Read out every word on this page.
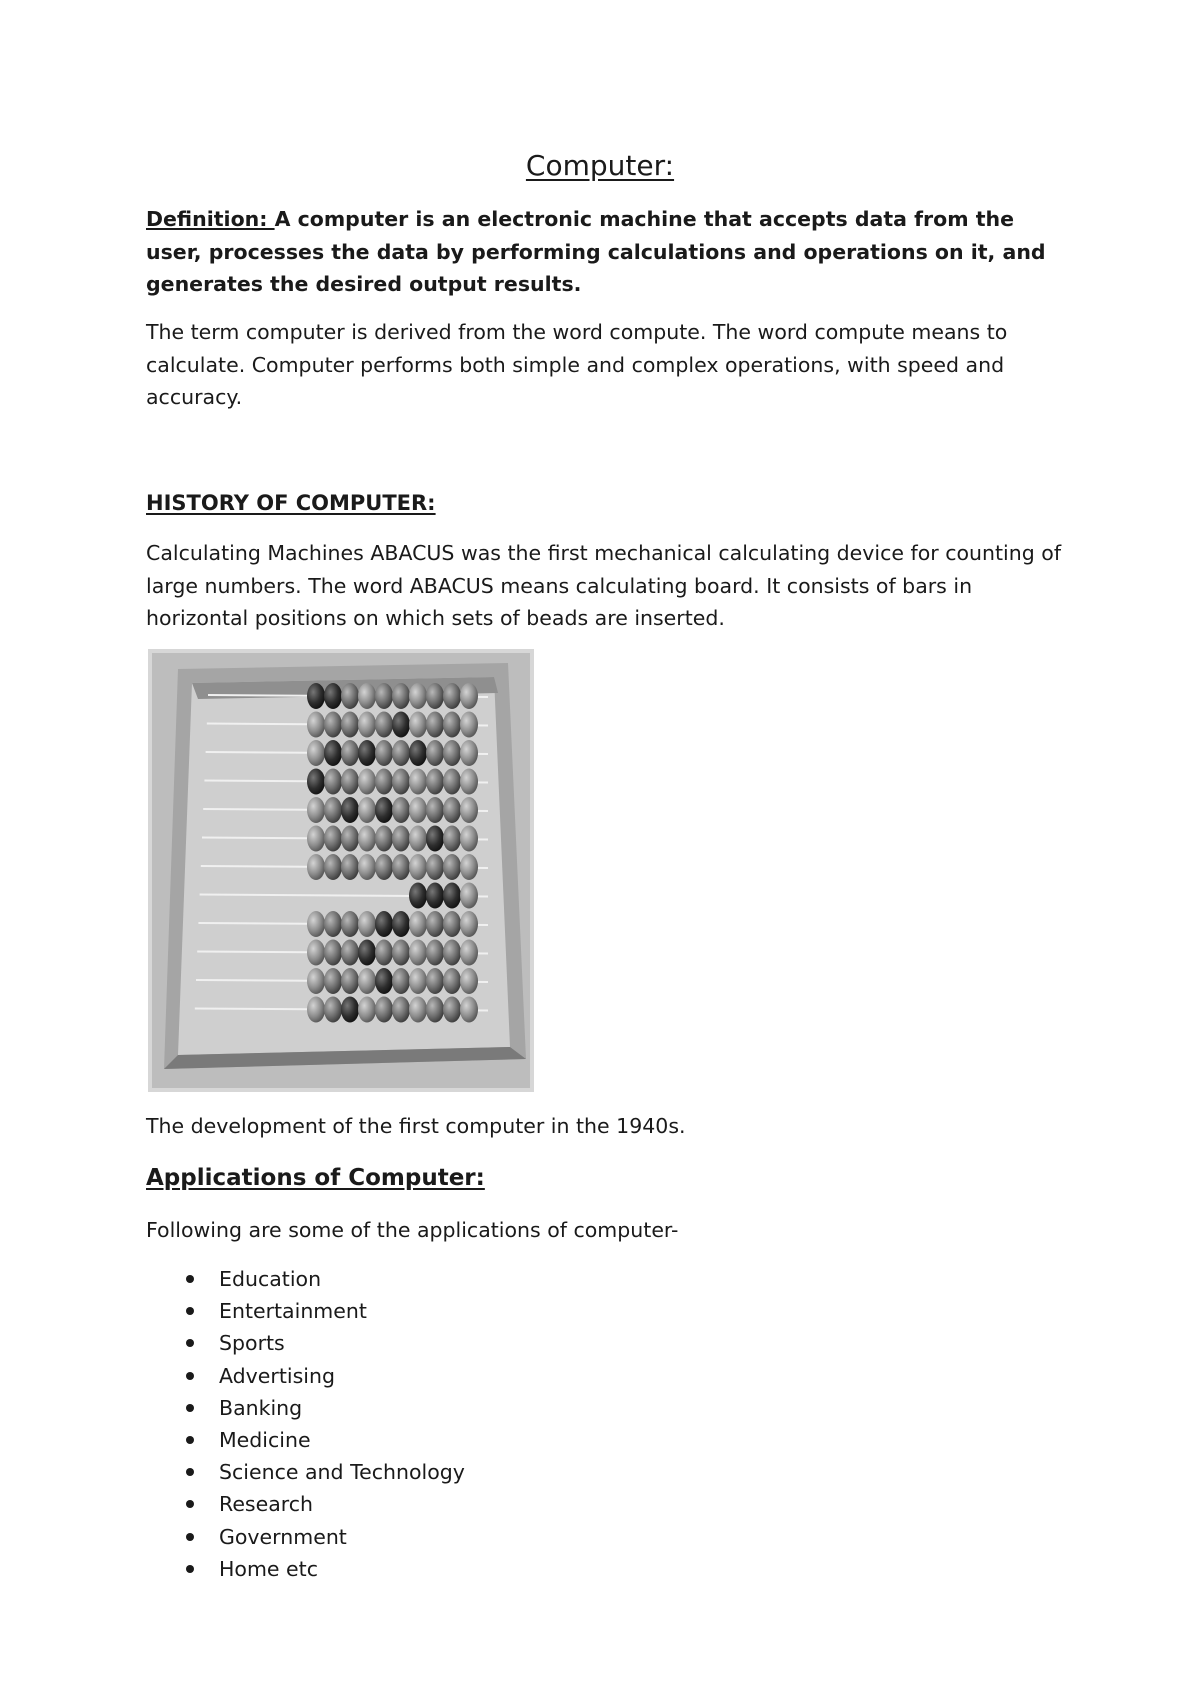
Computer:

Definition: A computer is an electronic machine that accepts data from the user, processes the data by performing calculations and operations on it, and generates the desired output results.

The term computer is derived from the word compute. The word compute means to calculate. Computer performs both simple and complex operations, with speed and accuracy.

HISTORY OF COMPUTER:

Calculating Machines ABACUS was the first mechanical calculating device for counting of large numbers. The word ABACUS means calculating board. It consists of bars in horizontal positions on which sets of beads are inserted.

The development of the first computer in the 1940s.

Applications of Computer:

Following are some of the applications of computer-

Education
Entertainment
Sports
Advertising
Banking
Medicine
Science and Technology
Research
Government
Home etc
